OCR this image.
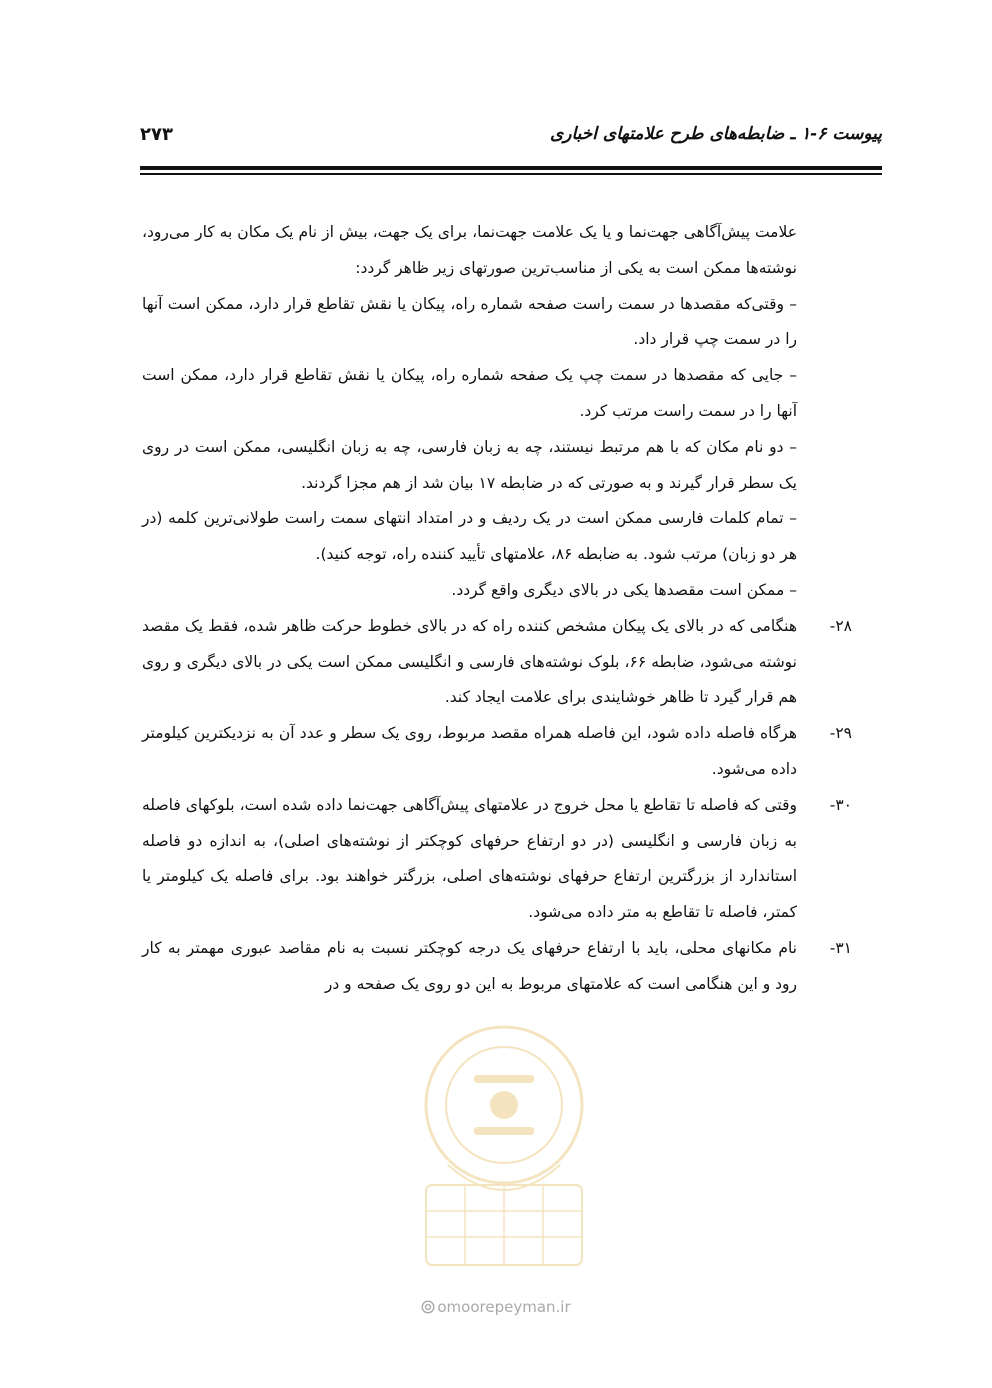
پیوست ۶-۱ ـ ضابطه‌های طرح علامتهای اخباری
۲۷۳

علامت پیش‌آگاهی جهت‌نما و یا یک علامت جهت‌نما، برای یک جهت، بیش از نام یک مکان به کار می‌رود، نوشته‌ها ممکن است به یکی از مناسب‌ترین صورتهای زیر ظاهر گردد:

– وقتی‌که مقصدها در سمت راست صفحه شماره راه، پیکان یا نقش تقاطع قرار دارد، ممکن است آنها را در سمت چپ قرار داد.

– جایی که مقصدها در سمت چپ یک صفحه شماره راه، پیکان یا نقش تقاطع قرار دارد، ممکن است آنها را در سمت راست مرتب کرد.

– دو نام مکان که با هم مرتبط نیستند، چه به زبان فارسی، چه به زبان انگلیسی، ممکن است در روی یک سطر قرار گیرند و به صورتی که در ضابطه ۱۷ بیان شد از هم مجزا گردند.

– تمام کلمات فارسی ممکن است در یک ردیف و در امتداد انتهای سمت راست طولانی‌ترین کلمه (در هر دو زبان) مرتب شود. به ضابطه ۸۶، علامتهای تأیید کننده راه، توجه کنید).

– ممکن است مقصدها یکی در بالای دیگری واقع گردد.

۲۸-

هنگامی که در بالای یک پیکان مشخص کننده راه که در بالای خطوط حرکت ظاهر شده، فقط یک مقصد نوشته می‌شود، ضابطه ۶۶، بلوک نوشته‌های فارسی و انگلیسی ممکن است یکی در بالای دیگری و روی هم قرار گیرد تا ظاهر خوشایندی برای علامت ایجاد کند.

۲۹-

هرگاه فاصله داده شود، این فاصله همراه مقصد مربوط، روی یک سطر و عدد آن به نزدیکترین کیلومتر داده می‌شود.

۳۰-

وقتی که فاصله تا تقاطع یا محل خروج در علامتهای پیش‌آگاهی جهت‌نما داده شده است، بلوکهای فاصله به زبان فارسی و انگلیسی (در دو ارتفاع حرفهای کوچکتر از نوشته‌های اصلی)، به اندازه دو فاصله استاندارد از بزرگترین ارتفاع حرفهای نوشته‌های اصلی، بزرگتر خواهند بود. برای فاصله یک کیلومتر یا کمتر، فاصله تا تقاطع به متر داده می‌شود.

۳۱-

نام مکانهای محلی، باید با ارتفاع حرفهای یک درجه کوچکتر نسبت به نام مقاصد عبوری مهمتر به کار رود و این هنگامی است که علامتهای مربوط به این دو روی یک صفحه و در

omoorepeyman.ir
